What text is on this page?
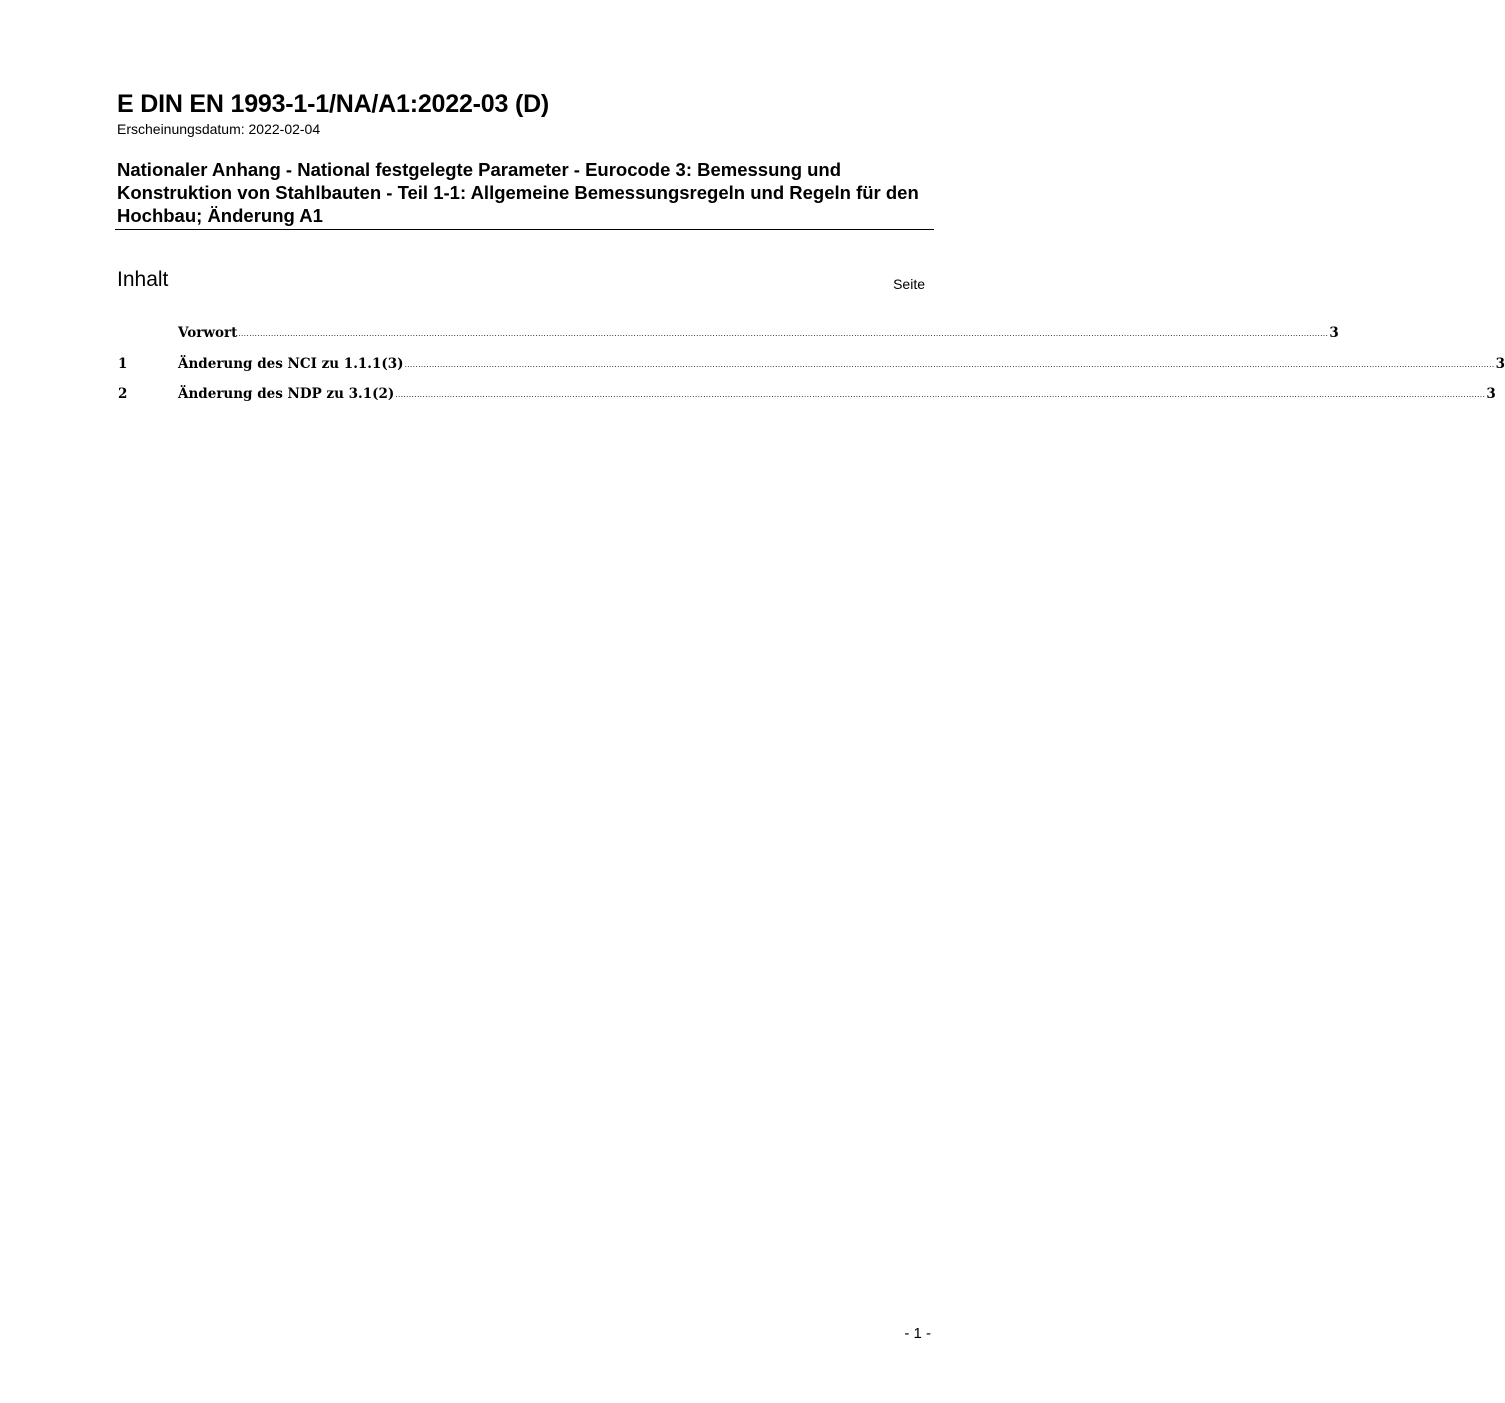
E DIN EN 1993-1-1/NA/A1:2022-03 (D)
Erscheinungsdatum: 2022-02-04
Nationaler Anhang - National festgelegte Parameter - Eurocode 3: Bemessung und Konstruktion von Stahlbauten - Teil 1-1: Allgemeine Bemessungsregeln und Regeln für den Hochbau; Änderung A1
Inhalt	Seite
Vorwort ................................................................................................................................................................................................................................................................................................................................................................................................................ 3
1	Änderung des NCI zu 1.1.1(3) ................................................................................................................................................................................................................................................................................................................................................................................................................ 3
2	Änderung des NDP zu 3.1(2) ................................................................................................................................................................................................................................................................................................................................................................................................................ 3
- 1 -
